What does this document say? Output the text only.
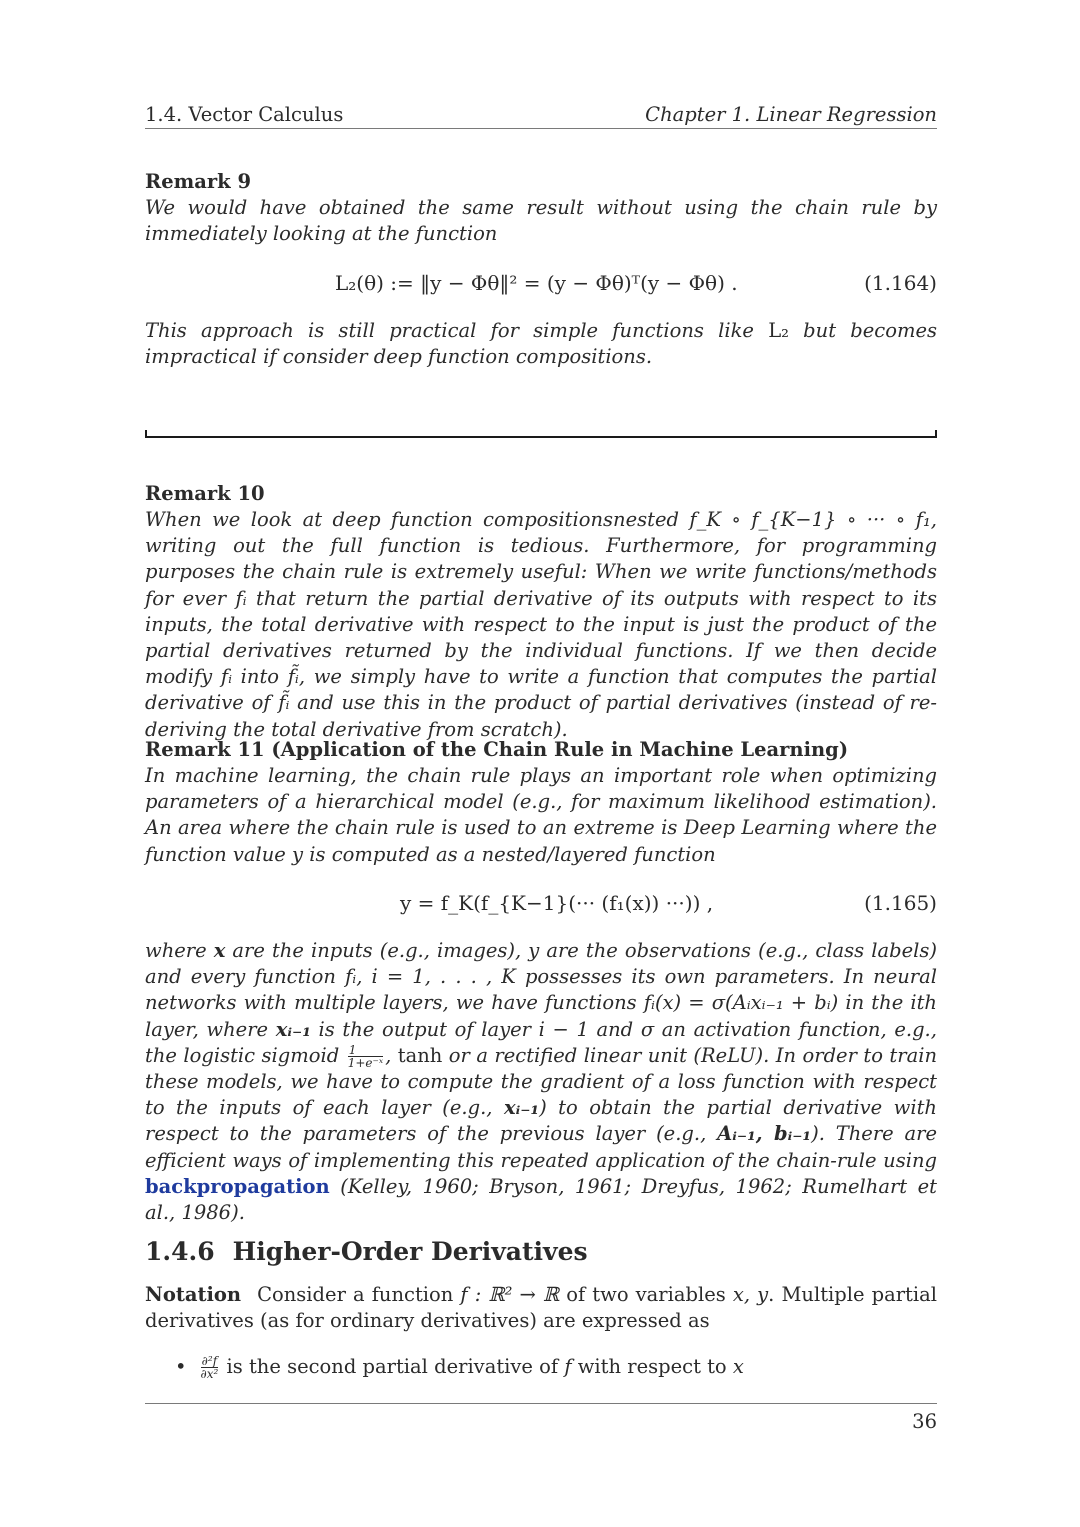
1.4. Vector Calculus	Chapter 1. Linear Regression
Remark 9
We would have obtained the same result without using the chain rule by immediately looking at the function
L₂(θ) := ‖y − Φθ‖² = (y − Φθ)ᵀ(y − Φθ) .	(1.164)
This approach is still practical for simple functions like L₂ but becomes impractical if consider deep function compositions.
Remark 10
When we look at deep function compositionsnested f_K ∘ f_{K−1} ∘ ··· ∘ f₁, writing out the full function is tedious. Furthermore, for programming purposes the chain rule is extremely useful: When we write functions/methods for ever fᵢ that return the partial derivative of its outputs with respect to its inputs, the total derivative with respect to the input is just the product of the partial derivatives returned by the individual functions. If we then decide modify fᵢ into f̃ᵢ, we simply have to write a function that computes the partial derivative of f̃ᵢ and use this in the product of partial derivatives (instead of re-deriving the total derivative from scratch).
Remark 11 (Application of the Chain Rule in Machine Learning)
In machine learning, the chain rule plays an important role when optimizing parameters of a hierarchical model (e.g., for maximum likelihood estimation). An area where the chain rule is used to an extreme is Deep Learning where the function value y is computed as a nested/layered function
y = f_K(f_{K−1}(··· (f₁(x)) ···)) ,	(1.165)
where x are the inputs (e.g., images), y are the observations (e.g., class labels) and every function fᵢ, i = 1, . . . , K possesses its own parameters. In neural networks with multiple layers, we have functions fᵢ(x) = σ(Aᵢxᵢ₋₁ + bᵢ) in the ith layer, where xᵢ₋₁ is the output of layer i − 1 and σ an activation function, e.g., the logistic sigmoid $\frac{1}{\text{1+e⁻ˣ}}$ , tanh or a rectified linear unit (ReLU). In order to train these models, we have to compute the gradient of a loss function with respect to the inputs of each layer (e.g., xᵢ₋₁) to obtain the partial derivative with respect to the parameters of the previous layer (e.g., Aᵢ₋₁, bᵢ₋₁). There are efficient ways of implementing this repeated application of the chain-rule using backpropagation (Kelley, 1960; Bryson, 1961; Dreyfus, 1962; Rumelhart et al., 1986).
1.4.6 Higher-Order Derivatives
Notation Consider a function f : ℝ² → ℝ of two variables x, y. Multiple partial derivatives (as for ordinary derivatives) are expressed as
• $\frac{\text{∂²f}}{\text{∂x²}}$ is the second partial derivative of f with respect to x
36
